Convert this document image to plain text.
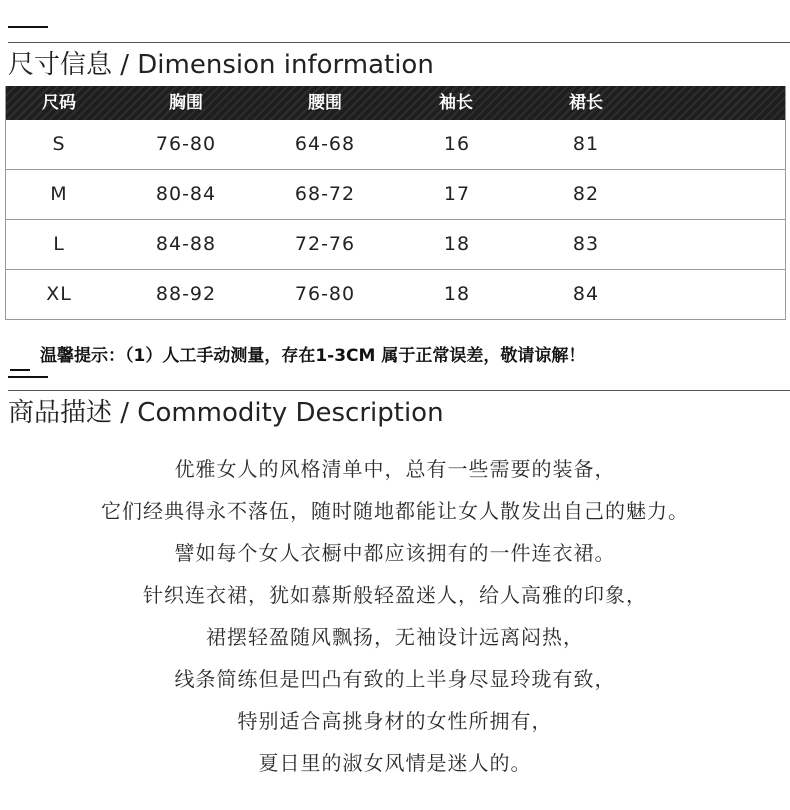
尺寸信息 / Dimension information
尺码	胸围	腰围	袖长	裙长
S	76-80	64-68	16	81
M	80-84	68-72	17	82
L	84-88	72-76	18	83
XL	88-92	76-80	18	84
温馨提示：（1）人工手动测量，存在1-3CM 属于正常误差，敬请谅解！
商品描述 / Commodity Description
优雅女人的风格清单中，总有一些需要的装备，
它们经典得永不落伍，随时随地都能让女人散发出自己的魅力。
譬如每个女人衣橱中都应该拥有的一件连衣裙。
针织连衣裙，犹如慕斯般轻盈迷人，给人高雅的印象，
裙摆轻盈随风飘扬，无袖设计远离闷热，
线条简练但是凹凸有致的上半身尽显玲珑有致，
特别适合高挑身材的女性所拥有，
夏日里的淑女风情是迷人的。
